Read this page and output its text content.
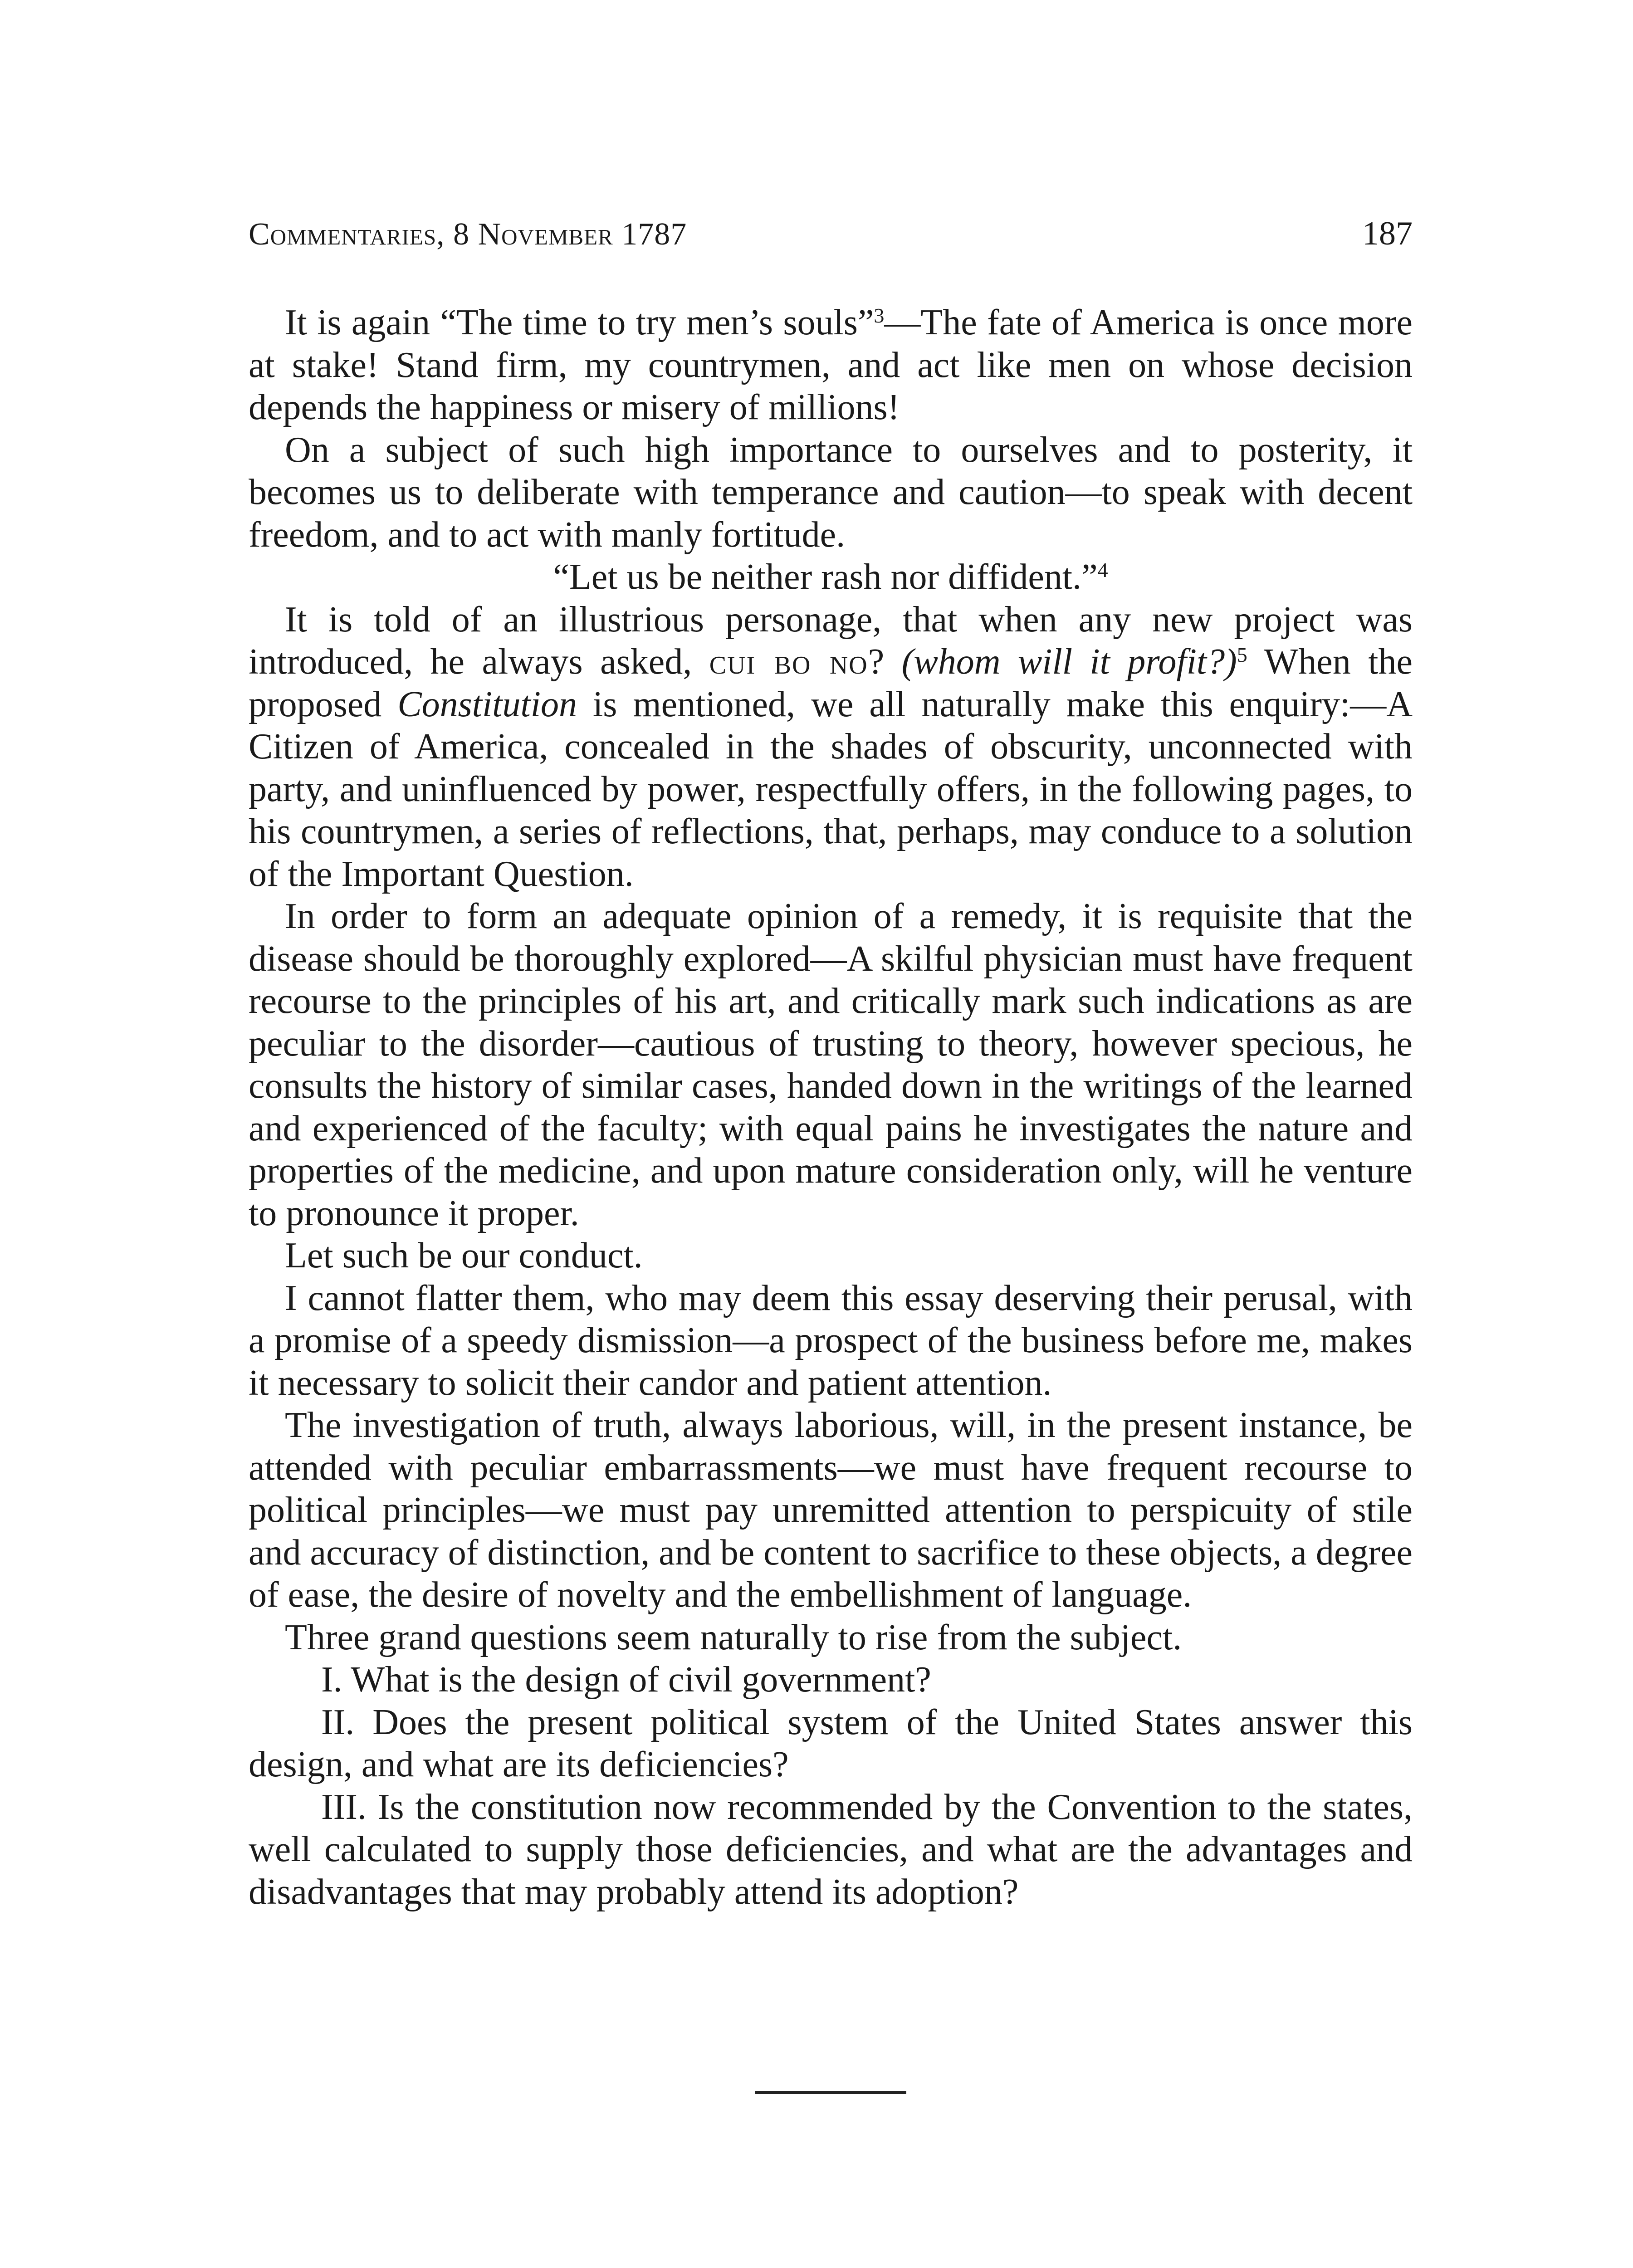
Commentaries, 8 November 1787	187

It is again “The time to try men’s souls”$^3$—The fate of America is once more at stake! Stand firm, my countrymen, and act like men on whose decision depends the happiness or misery of millions!

On a subject of such high importance to ourselves and to posterity, it becomes us to deliberate with temperance and caution—to speak with decent freedom, and to act with manly fortitude.

“Let us be neither rash nor diffident.”$^4$

It is told of an illustrious personage, that when any new project was introduced, he always asked, cui bo no? (whom will it profit?)$^5$ When the proposed Constitution is mentioned, we all naturally make this enquiry:—A Citizen of America, concealed in the shades of obscurity, unconnected with party, and uninfluenced by power, respectfully offers, in the following pages, to his countrymen, a series of reflections, that, perhaps, may conduce to a solution of the Important Question.

In order to form an adequate opinion of a remedy, it is requisite that the disease should be thoroughly explored—A skilful physician must have frequent recourse to the principles of his art, and critically mark such indications as are peculiar to the disorder—cautious of trusting to theory, however specious, he consults the history of similar cases, handed down in the writings of the learned and experienced of the faculty; with equal pains he investigates the nature and properties of the medicine, and upon mature consideration only, will he venture to pronounce it proper.

Let such be our conduct.

I cannot flatter them, who may deem this essay deserving their perusal, with a promise of a speedy dismission—a prospect of the business before me, makes it necessary to solicit their candor and patient attention.

The investigation of truth, always laborious, will, in the present instance, be attended with peculiar embarrassments—we must have frequent recourse to political principles—we must pay unremitted attention to perspicuity of stile and accuracy of distinction, and be content to sacrifice to these objects, a degree of ease, the desire of novelty and the embellishment of language.

Three grand questions seem naturally to rise from the subject.

I. What is the design of civil government?

II. Does the present political system of the United States answer this design, and what are its deficiencies?

III. Is the constitution now recommended by the Convention to the states, well calculated to supply those deficiencies, and what are the advantages and disadvantages that may probably attend its adoption?
